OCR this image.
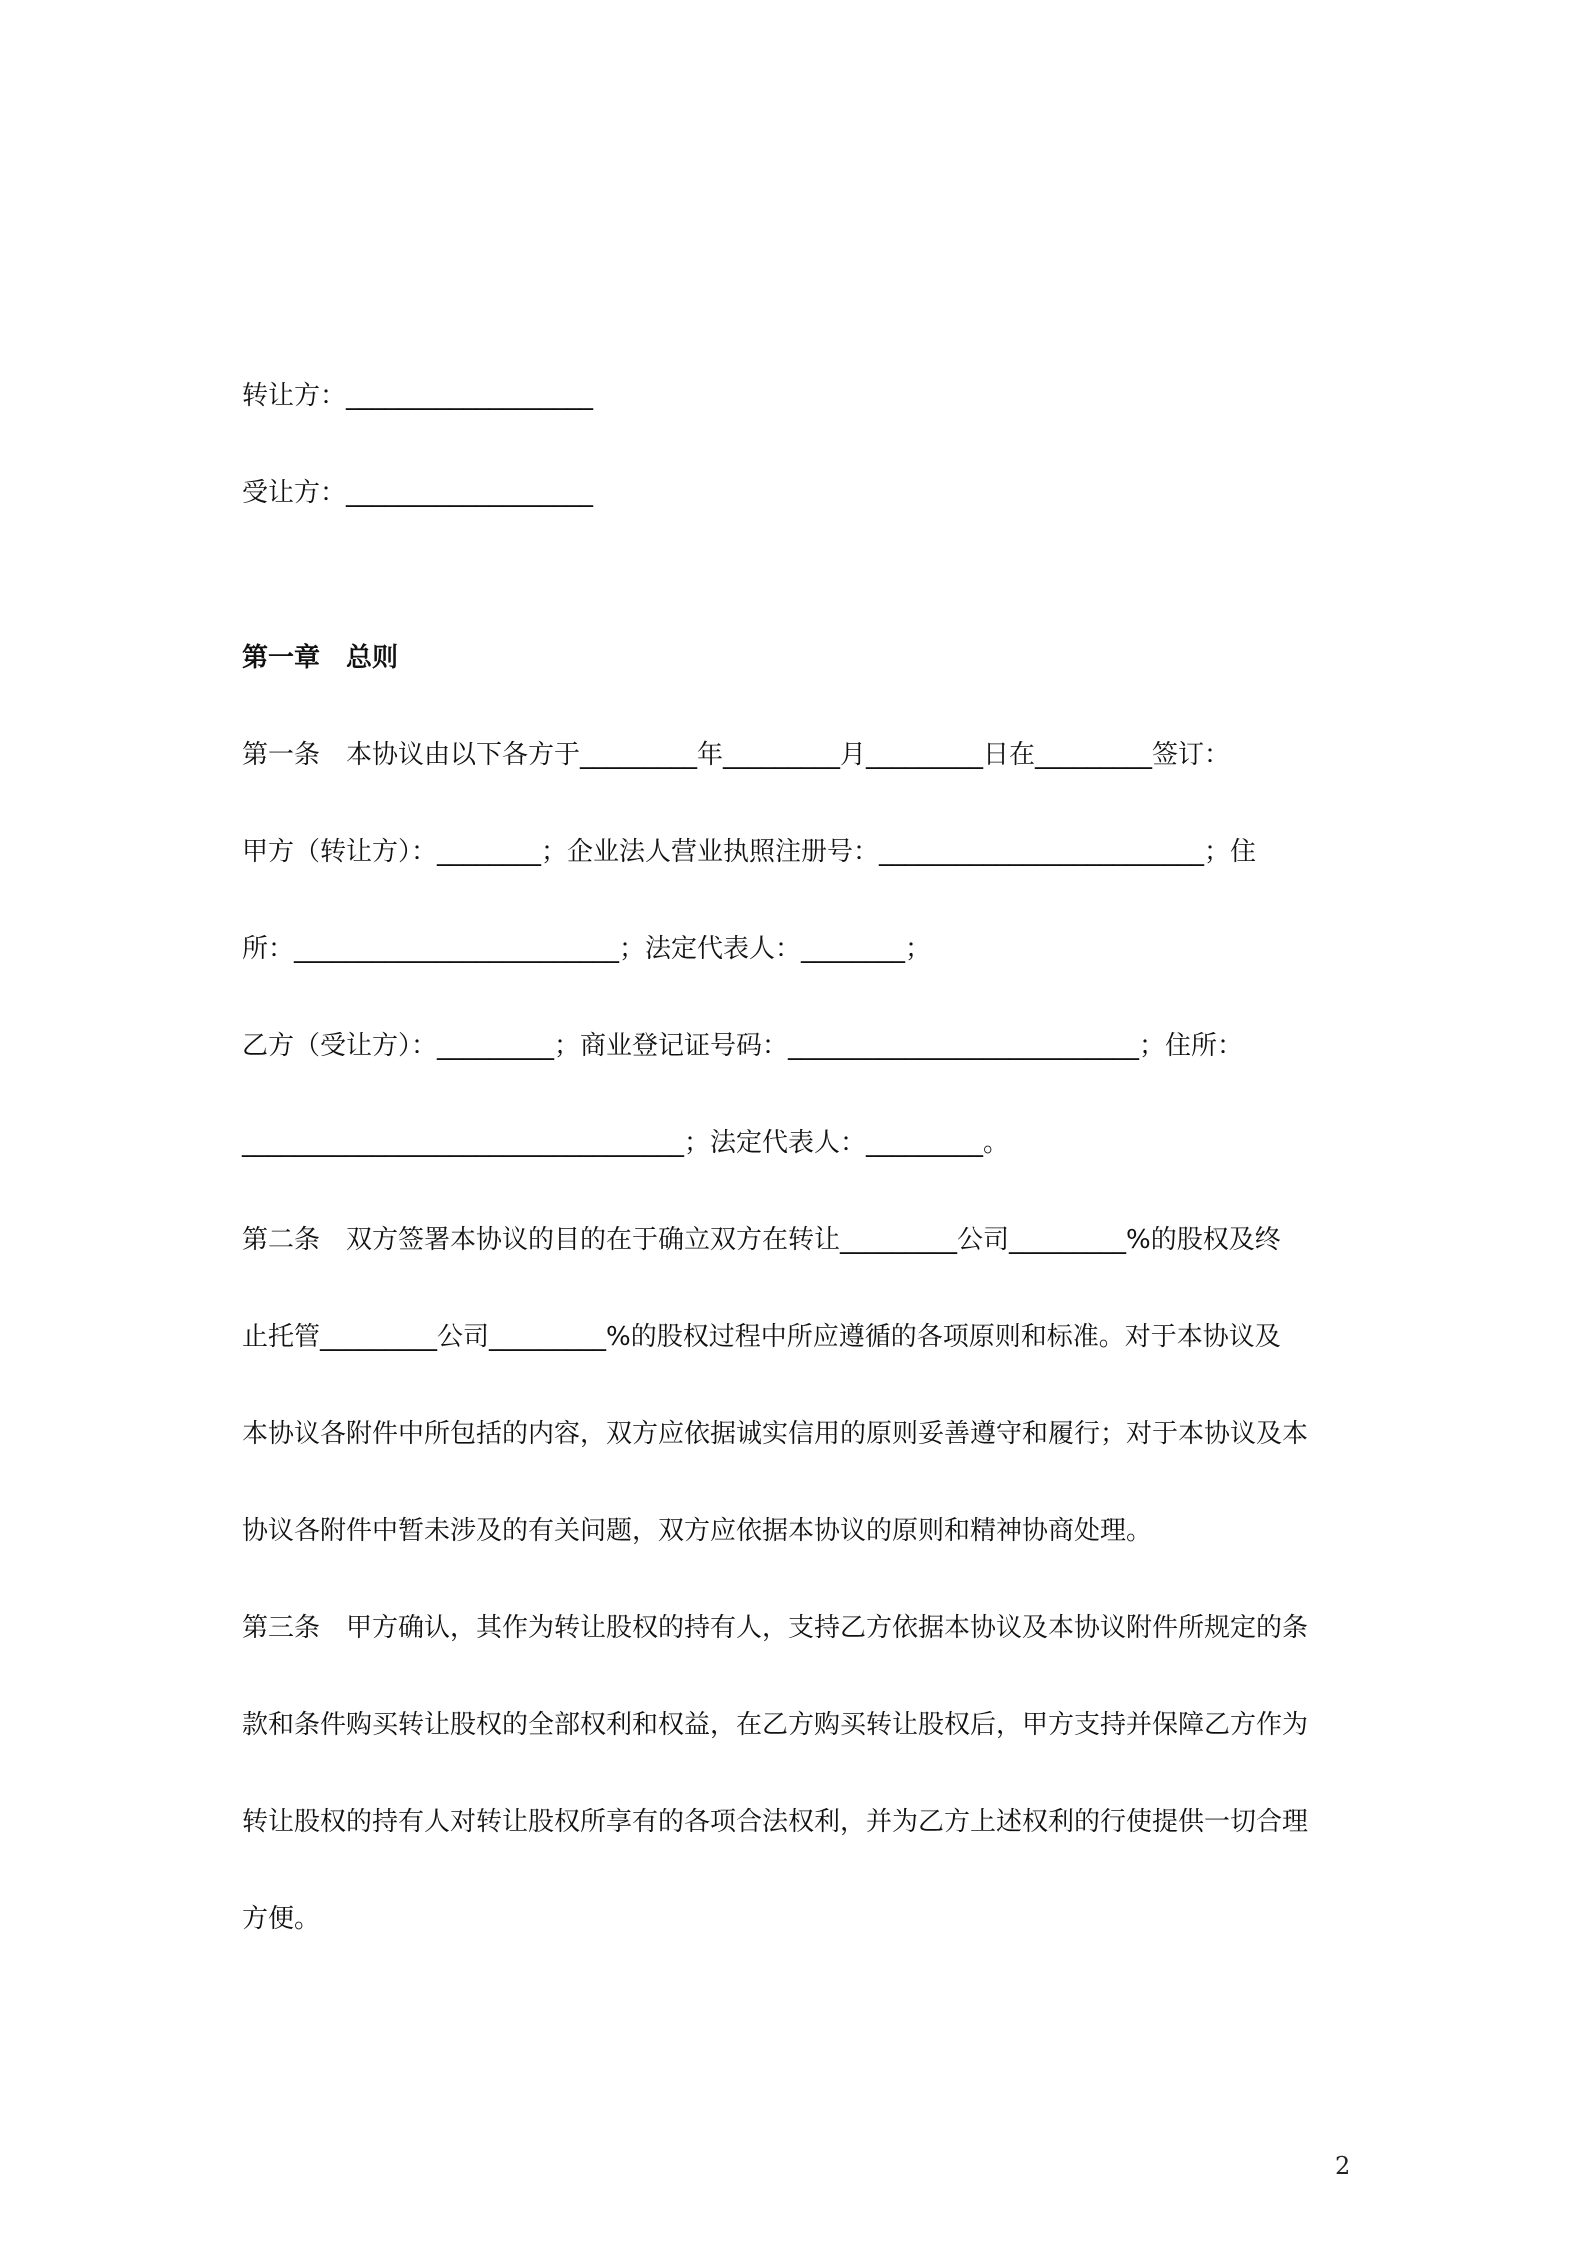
转让方：___________________
受让方：___________________
第一章　总则
第一条　本协议由以下各方于_________年_________月_________日在_________签订：
甲方（转让方）：________；企业法人营业执照注册号：_________________________；住
所：_________________________；法定代表人：________；
乙方（受让方）：_________；商业登记证号码：___________________________；住所：
__________________________________；法定代表人：_________。
第二条　双方签署本协议的目的在于确立双方在转让_________公司_________%的股权及终
止托管_________公司_________%的股权过程中所应遵循的各项原则和标准。对于本协议及
本协议各附件中所包括的内容，双方应依据诚实信用的原则妥善遵守和履行；对于本协议及本
协议各附件中暂未涉及的有关问题，双方应依据本协议的原则和精神协商处理。
第三条　甲方确认，其作为转让股权的持有人，支持乙方依据本协议及本协议附件所规定的条
款和条件购买转让股权的全部权利和权益，在乙方购买转让股权后，甲方支持并保障乙方作为
转让股权的持有人对转让股权所享有的各项合法权利，并为乙方上述权利的行使提供一切合理
方便。
2
